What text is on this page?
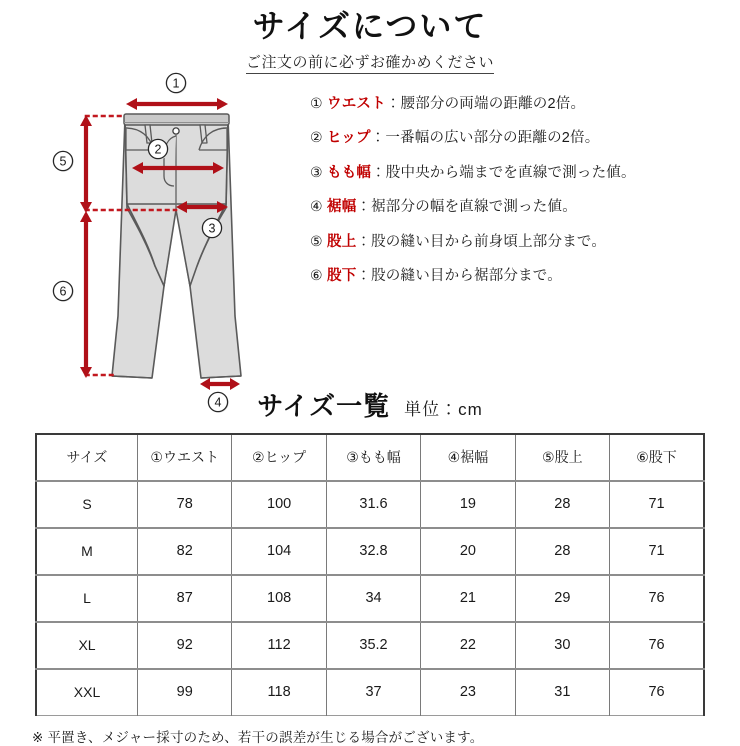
サイズについて
ご注文の前に必ずお確かめください
1
2
3
4
5
6
① ウエスト：腰部分の両端の距離の2倍。
② ヒップ：一番幅の広い部分の距離の2倍。
③ もも幅：股中央から端までを直線で測った値。
④ 裾幅：裾部分の幅を直線で測った値。
⑤ 股上：股の縫い目から前身頃上部分まで。
⑥ 股下：股の縫い目から裾部分まで。
サイズ一覧 単位：cm
サイズ	①ウエスト	②ヒップ	③もも幅	④裾幅	⑤股上	⑥股下
S	78	100	31.6	19	28	71
M	82	104	32.8	20	28	71
L	87	108	34	21	29	76
XL	92	112	35.2	22	30	76
XXL	99	118	37	23	31	76
※ 平置き、メジャー採寸のため、若干の誤差が生じる場合がございます。
